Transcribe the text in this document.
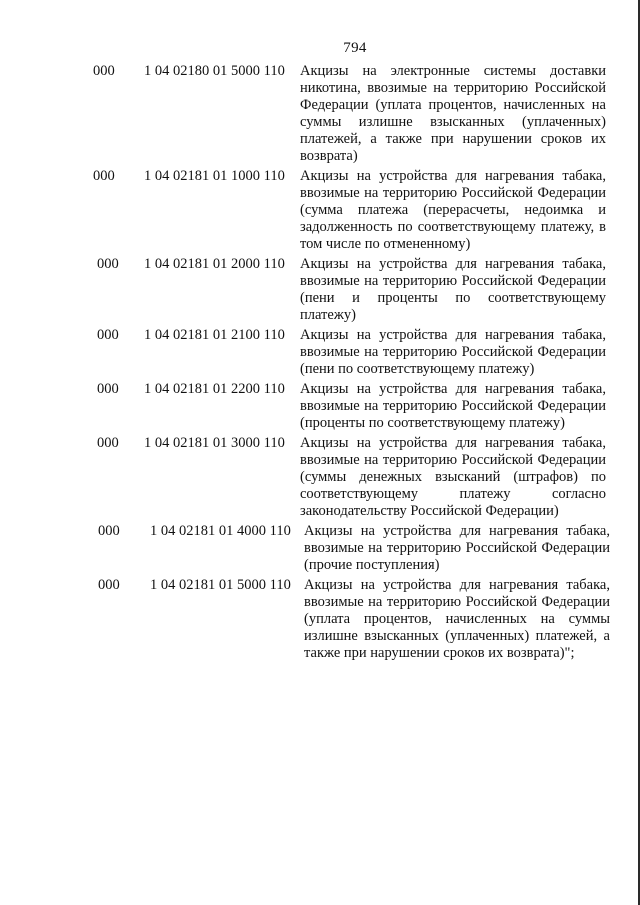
794
000 1 04 02180 01 5000 110 Акцизы на электронные системы доставки никотина, ввозимые на территорию Российской Федерации (уплата процентов, начисленных на суммы излишне взысканных (уплаченных) платежей, а также при нарушении сроков их возврата)
000 1 04 02181 01 1000 110 Акцизы на устройства для нагревания табака, ввозимые на территорию Российской Федерации (сумма платежа (перерасчеты, недоимка и задолженность по соответствующему платежу, в том числе по отмененному)
000 1 04 02181 01 2000 110 Акцизы на устройства для нагревания табака, ввозимые на территорию Российской Федерации (пени и проценты по соответствующему платежу)
000 1 04 02181 01 2100 110 Акцизы на устройства для нагревания табака, ввозимые на территорию Российской Федерации (пени по соответствующему платежу)
000 1 04 02181 01 2200 110 Акцизы на устройства для нагревания табака, ввозимые на территорию Российской Федерации (проценты по соответствующему платежу)
000 1 04 02181 01 3000 110 Акцизы на устройства для нагревания табака, ввозимые на территорию Российской Федерации (суммы денежных взысканий (штрафов) по соответствующему платежу согласно законодательству Российской Федерации)
000 1 04 02181 01 4000 110 Акцизы на устройства для нагревания табака, ввозимые на территорию Российской Федерации (прочие поступления)
000 1 04 02181 01 5000 110 Акцизы на устройства для нагревания табака, ввозимые на территорию Российской Федерации (уплата процентов, начисленных на суммы излишне взысканных (уплаченных) платежей, а также при нарушении сроков их возврата)";
